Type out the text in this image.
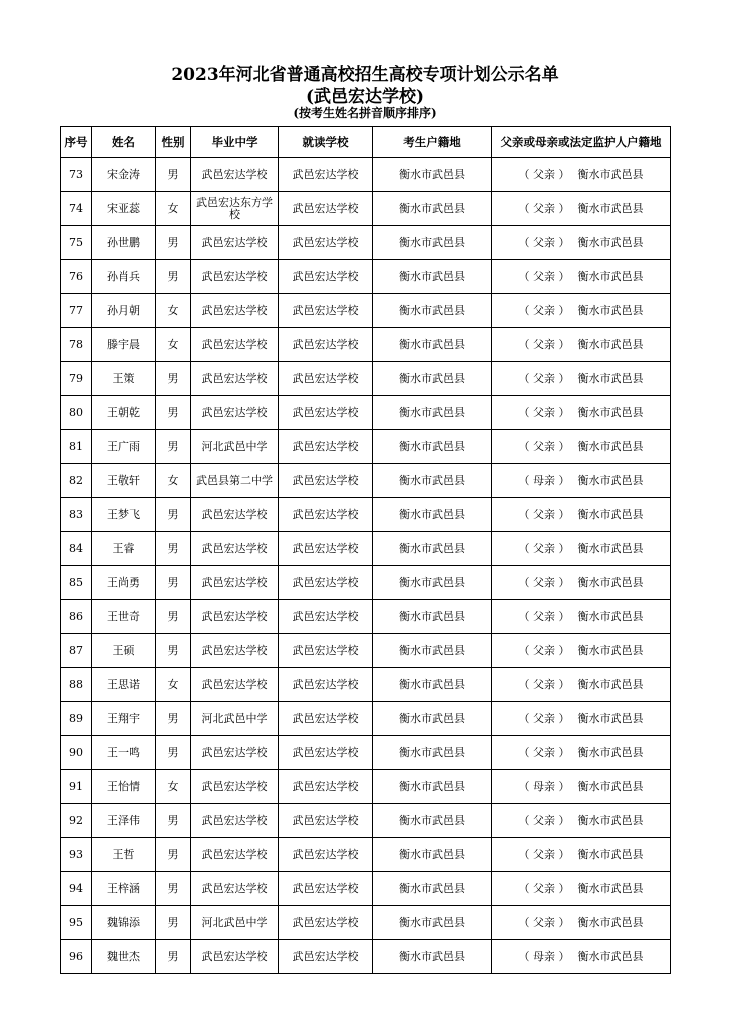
2023年河北省普通高校招生高校专项计划公示名单
(武邑宏达学校)
(按考生姓名拼音顺序排序)
序号	姓名	性别	毕业中学	就读学校	考生户籍地	父亲或母亲或法定监护人户籍地
73	宋金涛	男	武邑宏达学校	武邑宏达学校	衡水市武邑县	（ 父亲 ） 衡水市武邑县
74	宋亚蕊	女	武邑宏达东方学校	武邑宏达学校	衡水市武邑县	（ 父亲 ） 衡水市武邑县
75	孙世鹏	男	武邑宏达学校	武邑宏达学校	衡水市武邑县	（ 父亲 ） 衡水市武邑县
76	孙肖兵	男	武邑宏达学校	武邑宏达学校	衡水市武邑县	（ 父亲 ） 衡水市武邑县
77	孙月朝	女	武邑宏达学校	武邑宏达学校	衡水市武邑县	（ 父亲 ） 衡水市武邑县
78	滕宇晨	女	武邑宏达学校	武邑宏达学校	衡水市武邑县	（ 父亲 ） 衡水市武邑县
79	王策	男	武邑宏达学校	武邑宏达学校	衡水市武邑县	（ 父亲 ） 衡水市武邑县
80	王朝乾	男	武邑宏达学校	武邑宏达学校	衡水市武邑县	（ 父亲 ） 衡水市武邑县
81	王广雨	男	河北武邑中学	武邑宏达学校	衡水市武邑县	（ 父亲 ） 衡水市武邑县
82	王敬轩	女	武邑县第二中学	武邑宏达学校	衡水市武邑县	（ 母亲 ） 衡水市武邑县
83	王梦飞	男	武邑宏达学校	武邑宏达学校	衡水市武邑县	（ 父亲 ） 衡水市武邑县
84	王睿	男	武邑宏达学校	武邑宏达学校	衡水市武邑县	（ 父亲 ） 衡水市武邑县
85	王尚勇	男	武邑宏达学校	武邑宏达学校	衡水市武邑县	（ 父亲 ） 衡水市武邑县
86	王世奇	男	武邑宏达学校	武邑宏达学校	衡水市武邑县	（ 父亲 ） 衡水市武邑县
87	王硕	男	武邑宏达学校	武邑宏达学校	衡水市武邑县	（ 父亲 ） 衡水市武邑县
88	王思诺	女	武邑宏达学校	武邑宏达学校	衡水市武邑县	（ 父亲 ） 衡水市武邑县
89	王翔宇	男	河北武邑中学	武邑宏达学校	衡水市武邑县	（ 父亲 ） 衡水市武邑县
90	王一鸣	男	武邑宏达学校	武邑宏达学校	衡水市武邑县	（ 父亲 ） 衡水市武邑县
91	王怡情	女	武邑宏达学校	武邑宏达学校	衡水市武邑县	（ 母亲 ） 衡水市武邑县
92	王泽伟	男	武邑宏达学校	武邑宏达学校	衡水市武邑县	（ 父亲 ） 衡水市武邑县
93	王哲	男	武邑宏达学校	武邑宏达学校	衡水市武邑县	（ 父亲 ） 衡水市武邑县
94	王梓涵	男	武邑宏达学校	武邑宏达学校	衡水市武邑县	（ 父亲 ） 衡水市武邑县
95	魏锦添	男	河北武邑中学	武邑宏达学校	衡水市武邑县	（ 父亲 ） 衡水市武邑县
96	魏世杰	男	武邑宏达学校	武邑宏达学校	衡水市武邑县	（ 母亲 ） 衡水市武邑县
